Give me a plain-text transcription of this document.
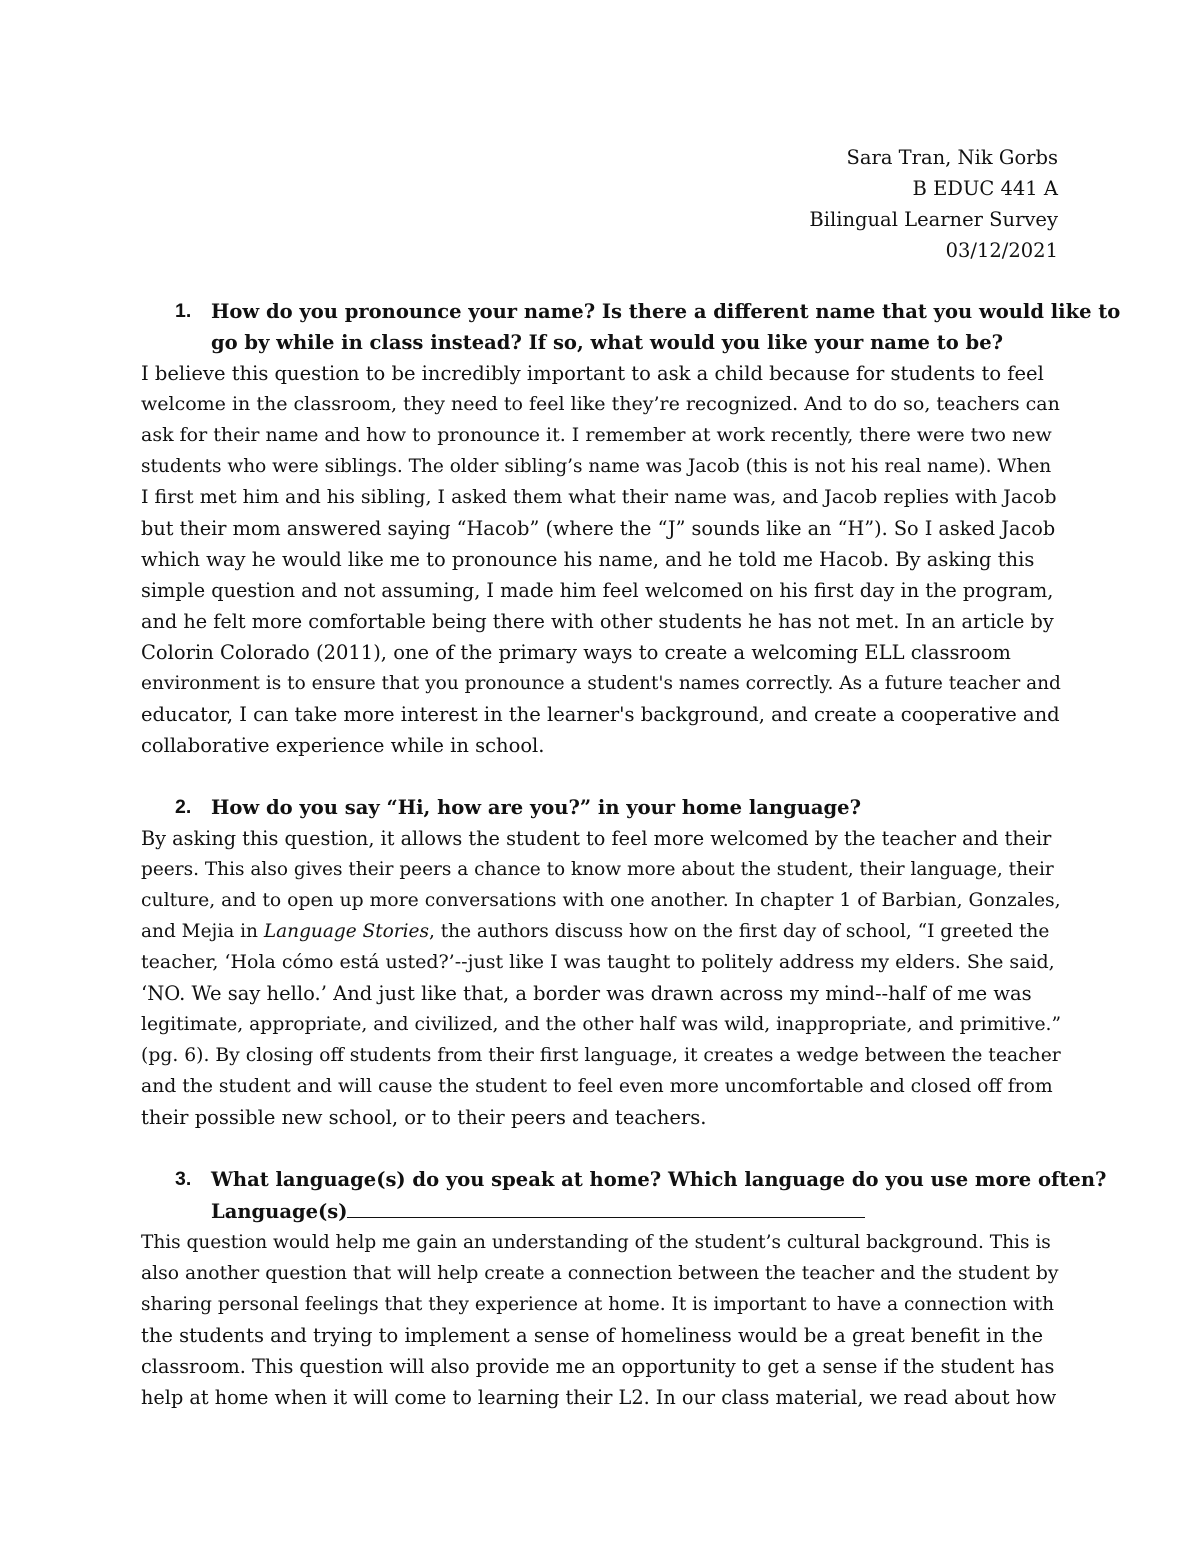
Sara Tran, Nik Gorbs
B EDUC 441 A
Bilingual Learner Survey
03/12/2021
1. How do you pronounce your name? Is there a different name that you would like to
go by while in class instead? If so, what would you like your name to be?
I believe this question to be incredibly important to ask a child because for students to feel
welcome in the classroom, they need to feel like they’re recognized. And to do so, teachers can
ask for their name and how to pronounce it. I remember at work recently, there were two new
students who were siblings. The older sibling’s name was Jacob (this is not his real name). When
I first met him and his sibling, I asked them what their name was, and Jacob replies with Jacob
but their mom answered saying “Hacob” (where the “J” sounds like an “H”). So I asked Jacob
which way he would like me to pronounce his name, and he told me Hacob. By asking this
simple question and not assuming, I made him feel welcomed on his first day in the program,
and he felt more comfortable being there with other students he has not met. In an article by
Colorin Colorado (2011), one of the primary ways to create a welcoming ELL classroom
environment is to ensure that you pronounce a student's names correctly. As a future teacher and
educator, I can take more interest in the learner's background, and create a cooperative and
collaborative experience while in school.
2. How do you say “Hi, how are you?” in your home language?
By asking this question, it allows the student to feel more welcomed by the teacher and their
peers. This also gives their peers a chance to know more about the student, their language, their
culture, and to open up more conversations with one another. In chapter 1 of Barbian, Gonzales,
and Mejia in Language Stories, the authors discuss how on the first day of school, “I greeted the
teacher, ‘Hola cómo está usted?’--just like I was taught to politely address my elders. She said,
‘NO. We say hello.’ And just like that, a border was drawn across my mind--half of me was
legitimate, appropriate, and civilized, and the other half was wild, inappropriate, and primitive.”
(pg. 6). By closing off students from their first language, it creates a wedge between the teacher
and the student and will cause the student to feel even more uncomfortable and closed off from
their possible new school, or to their peers and teachers.
3. What language(s) do you speak at home? Which language do you use more often?
Language(s)
This question would help me gain an understanding of the student’s cultural background. This is
also another question that will help create a connection between the teacher and the student by
sharing personal feelings that they experience at home. It is important to have a connection with
the students and trying to implement a sense of homeliness would be a great benefit in the
classroom. This question will also provide me an opportunity to get a sense if the student has
help at home when it will come to learning their L2. In our class material, we read about how
